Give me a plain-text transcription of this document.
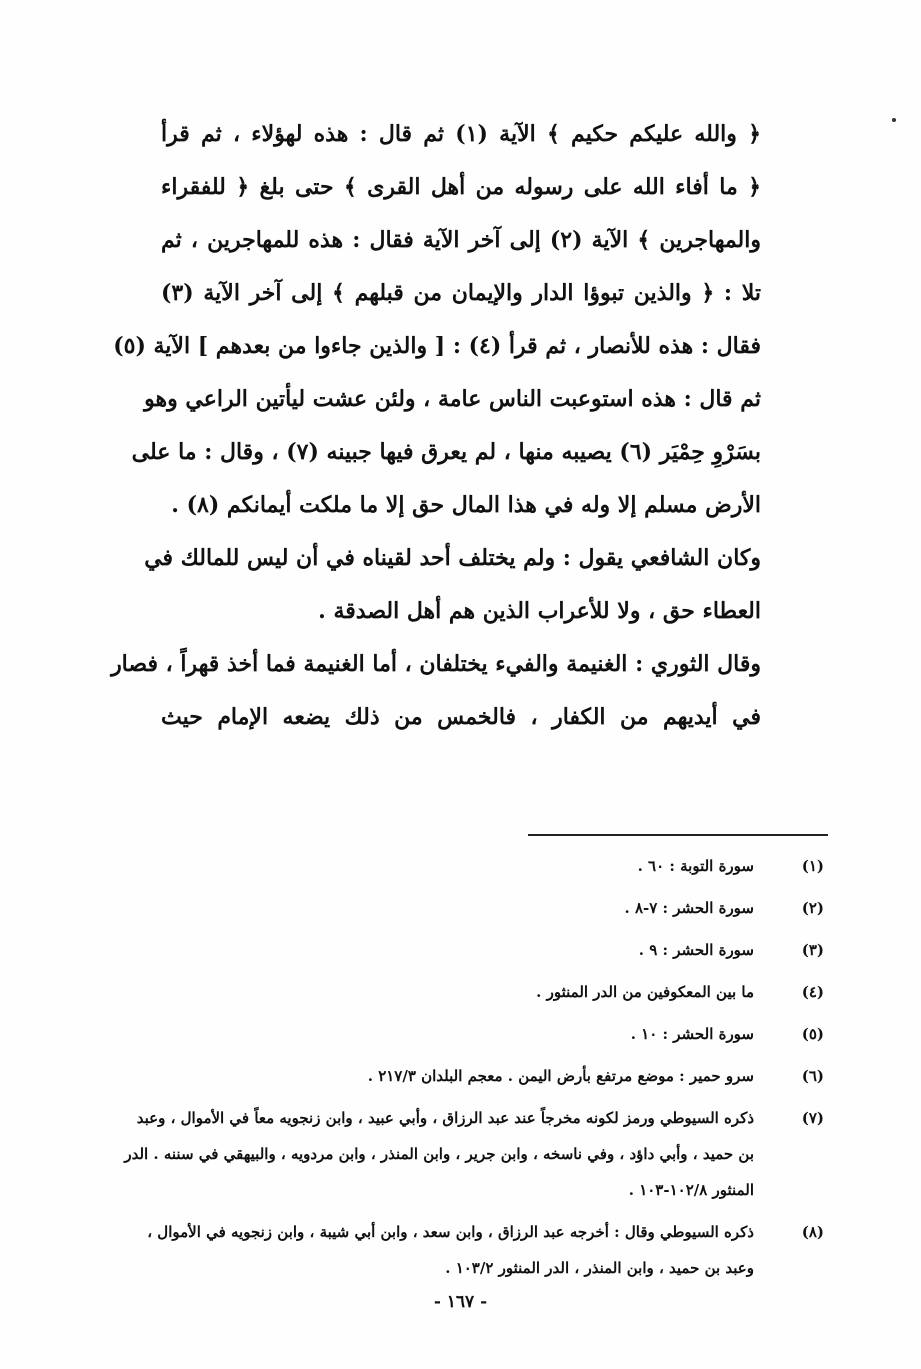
﴿ والله عليكم حكيم ﴾ الآية (١) ثم قال : هذه لهؤلاء ، ثم قرأ
﴿ ما أفاء الله على رسوله من أهل القرى ﴾ حتى بلغ ﴿ للفقراء
والمهاجرين ﴾ الآية (٢) إلى آخر الآية فقال : هذه للمهاجرين ، ثم
تلا : ﴿ والذين تبوؤا الدار والإيمان من قبلهم ﴾ إلى آخر الآية (٣)
فقال : هذه للأنصار ، ثم قرأ (٤) : [ والذين جاءوا من بعدهم ] الآية (٥)
ثم قال : هذه استوعبت الناس عامة ، ولئن عشت ليأتين الراعي وهو
بسَرْوِ حِمْيَر (٦) يصيبه منها ، لم يعرق فيها جبينه (٧) ، وقال : ما على
الأرض مسلم إلا وله في هذا المال حق إلا ما ملكت أيمانكم (٨) .
وكان الشافعي يقول : ولم يختلف أحد لقيناه في أن ليس للمالك في
العطاء حق ، ولا للأعراب الذين هم أهل الصدقة .
وقال الثوري : الغنيمة والفيء يختلفان ، أما الغنيمة فما أخذ قهراً ، فصار
في أيديهم من الكفار ، فالخمس من ذلك يضعه الإمام حيث
(١)
سورة التوبة : ٦٠ .
(٢)
سورة الحشر : ٧-٨ .
(٣)
سورة الحشر : ٩ .
(٤)
ما بين المعكوفين من الدر المنثور .
(٥)
سورة الحشر : ١٠ .
(٦)
سرو حمير : موضع مرتفع بأرض اليمن . معجم البلدان ٢١٧/٣ .
(٧)
ذكره السيوطي ورمز لكونه مخرجاً عند عبد الرزاق ، وأبي عبيد ، وابن زنجويه معاً في الأموال ، وعبد بن حميد ، وأبي داؤد ، وفي ناسخه ، وابن جرير ، وابن المنذر ، وابن مردويه ، والبيهقي في سننه . الدر المنثور ١٠٢/٨-١٠٣ .
(٨)
ذكره السيوطي وقال : أخرجه عبد الرزاق ، وابن سعد ، وابن أبي شيبة ، وابن زنجويه في الأموال ، وعبد بن حميد ، وابن المنذر ، الدر المنثور ١٠٣/٢ .
- ١٦٧ -
